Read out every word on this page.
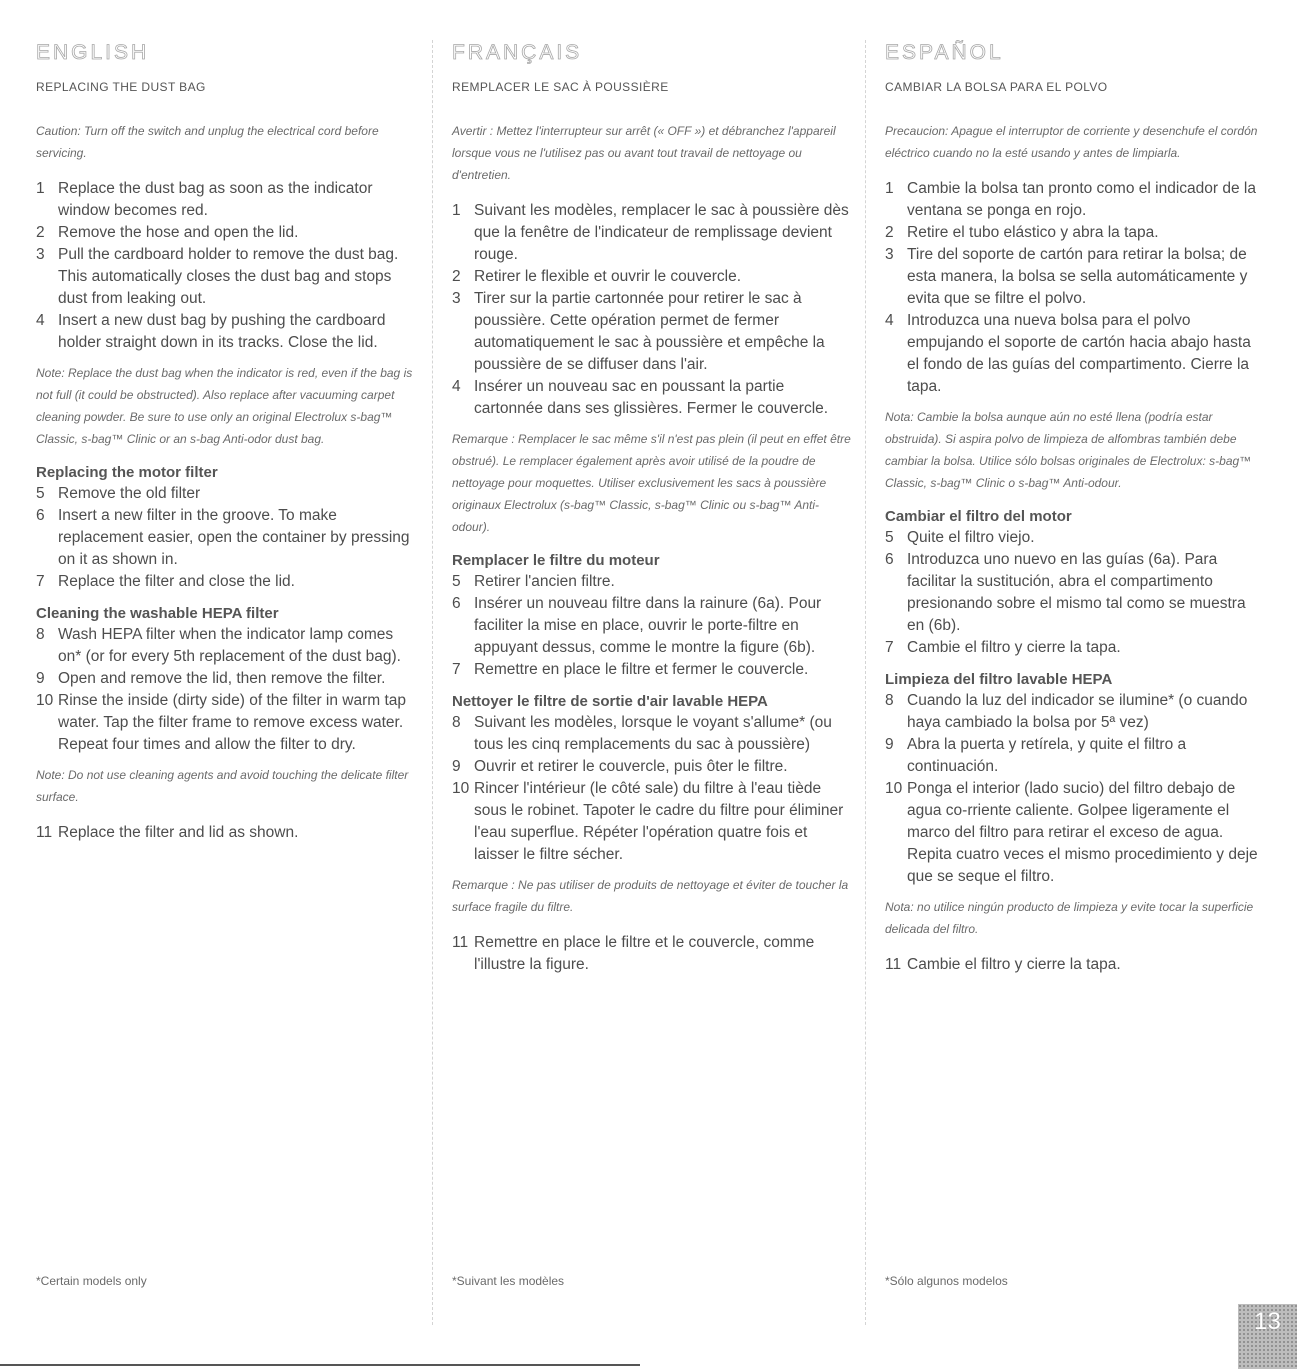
ENGLISH
REPLACING THE DUST BAG

Caution: Turn off the switch and unplug the electrical cord before servicing.

1 Replace the dust bag as soon as the indicator window becomes red.
2 Remove the hose and open the lid.
3 Pull the cardboard holder to remove the dust bag. This automatically closes the dust bag and stops dust from leaking out.
4 Insert a new dust bag by pushing the cardboard holder straight down in its tracks. Close the lid.

Note: Replace the dust bag when the indicator is red, even if the bag is not full (it could be obstructed). Also replace after vacuuming carpet cleaning powder. Be sure to use only an original Electrolux s-bag™ Classic, s-bag™ Clinic or an s-bag Anti-odor dust bag.

Replacing the motor filter
5 Remove the old filter
6 Insert a new filter in the groove. To make replacement easier, open the container by pressing on it as shown in.
7 Replace the filter and close the lid.
Cleaning the washable HEPA filter
8 Wash HEPA filter when the indicator lamp comes on* (or for every 5th replacement of the dust bag).
9 Open and remove the lid, then remove the filter.
10 Rinse the inside (dirty side) of the filter in warm tap water. Tap the filter frame to remove excess water. Repeat four times and allow the filter to dry.

Note: Do not use cleaning agents and avoid touching the delicate filter surface.

11 Replace the filter and lid as shown.
FRANÇAIS
REMPLACER LE SAC À POUSSIÈRE

Avertir : Mettez l'interrupteur sur arrêt (« OFF ») et débranchez l'appareil lorsque vous ne l'utilisez pas ou avant tout travail de nettoyage ou d'entretien.

1 Suivant les modèles, remplacer le sac à poussière dès que la fenêtre de l'indicateur de remplissage devient rouge.
2 Retirer le flexible et ouvrir le couvercle.
3 Tirer sur la partie cartonnée pour retirer le sac à poussière. Cette opération permet de fermer automatiquement le sac à poussière et empêche la poussière de se diffuser dans l'air.
4 Insérer un nouveau sac en poussant la partie cartonnée dans ses glissières. Fermer le couvercle.

Remarque : Remplacer le sac même s'il n'est pas plein (il peut en effet être obstrué). Le remplacer également après avoir utilisé de la poudre de nettoyage pour moquettes. Utiliser exclusivement les sacs à poussière originaux Electrolux (s-bag™ Classic, s-bag™ Clinic ou s-bag™ Anti-odour).

Remplacer le filtre du moteur
5 Retirer l'ancien filtre.
6 Insérer un nouveau filtre dans la rainure (6a). Pour faciliter la mise en place, ouvrir le porte-filtre en appuyant dessus, comme le montre la figure (6b).
7 Remettre en place le filtre et fermer le couvercle.
Nettoyer le filtre de sortie d'air lavable HEPA
8 Suivant les modèles, lorsque le voyant s'allume* (ou tous les cinq remplacements du sac à poussière)
9 Ouvrir et retirer le couvercle, puis ôter le filtre.
10 Rincer l'intérieur (le côté sale) du filtre à l'eau tiède sous le robinet. Tapoter le cadre du filtre pour éliminer l'eau superflue. Répéter l'opération quatre fois et laisser le filtre sécher.

Remarque : Ne pas utiliser de produits de nettoyage et éviter de toucher la surface fragile du filtre.

11 Remettre en place le filtre et le couvercle, comme l'illustre la figure.
ESPAÑOL
CAMBIAR LA BOLSA PARA EL POLVO

Precaucion: Apague el interruptor de corriente y desenchufe el cordón eléctrico cuando no la esté usando y antes de limpiarla.

1 Cambie la bolsa tan pronto como el indicador de la ventana se ponga en rojo.
2 Retire el tubo elástico y abra la tapa.
3 Tire del soporte de cartón para retirar la bolsa; de esta manera, la bolsa se sella automáticamente y evita que se filtre el polvo.
4 Introduzca una nueva bolsa para el polvo empujando el soporte de cartón hacia abajo hasta el fondo de las guías del compartimento. Cierre la tapa.

Nota: Cambie la bolsa aunque aún no esté llena (podría estar obstruida). Si aspira polvo de limpieza de alfombras también debe cambiar la bolsa. Utilice sólo bolsas originales de Electrolux: s-bag™ Classic, s-bag™ Clinic o s-bag™ Anti-odour.

Cambiar el filtro del motor
5 Quite el filtro viejo.
6 Introduzca uno nuevo en las guías (6a). Para facilitar la sustitución, abra el compartimento presionando sobre el mismo tal como se muestra en (6b).
7 Cambie el filtro y cierre la tapa.
Limpieza del filtro lavable HEPA
8 Cuando la luz del indicador se ilumine* (o cuando haya cambiado la bolsa por 5ª vez)
9 Abra la puerta y retírela, y quite el filtro a continuación.
10 Ponga el interior (lado sucio) del filtro debajo de agua co-rriente caliente. Golpee ligeramente el marco del filtro para retirar el exceso de agua. Repita cuatro veces el mismo procedimiento y deje que se seque el filtro.

Nota: no utilice ningún producto de limpieza y evite tocar la superficie delicada del filtro.

11 Cambie el filtro y cierre la tapa.
*Certain models only	*Suivant les modèles	*Sólo algunos modelos
13
